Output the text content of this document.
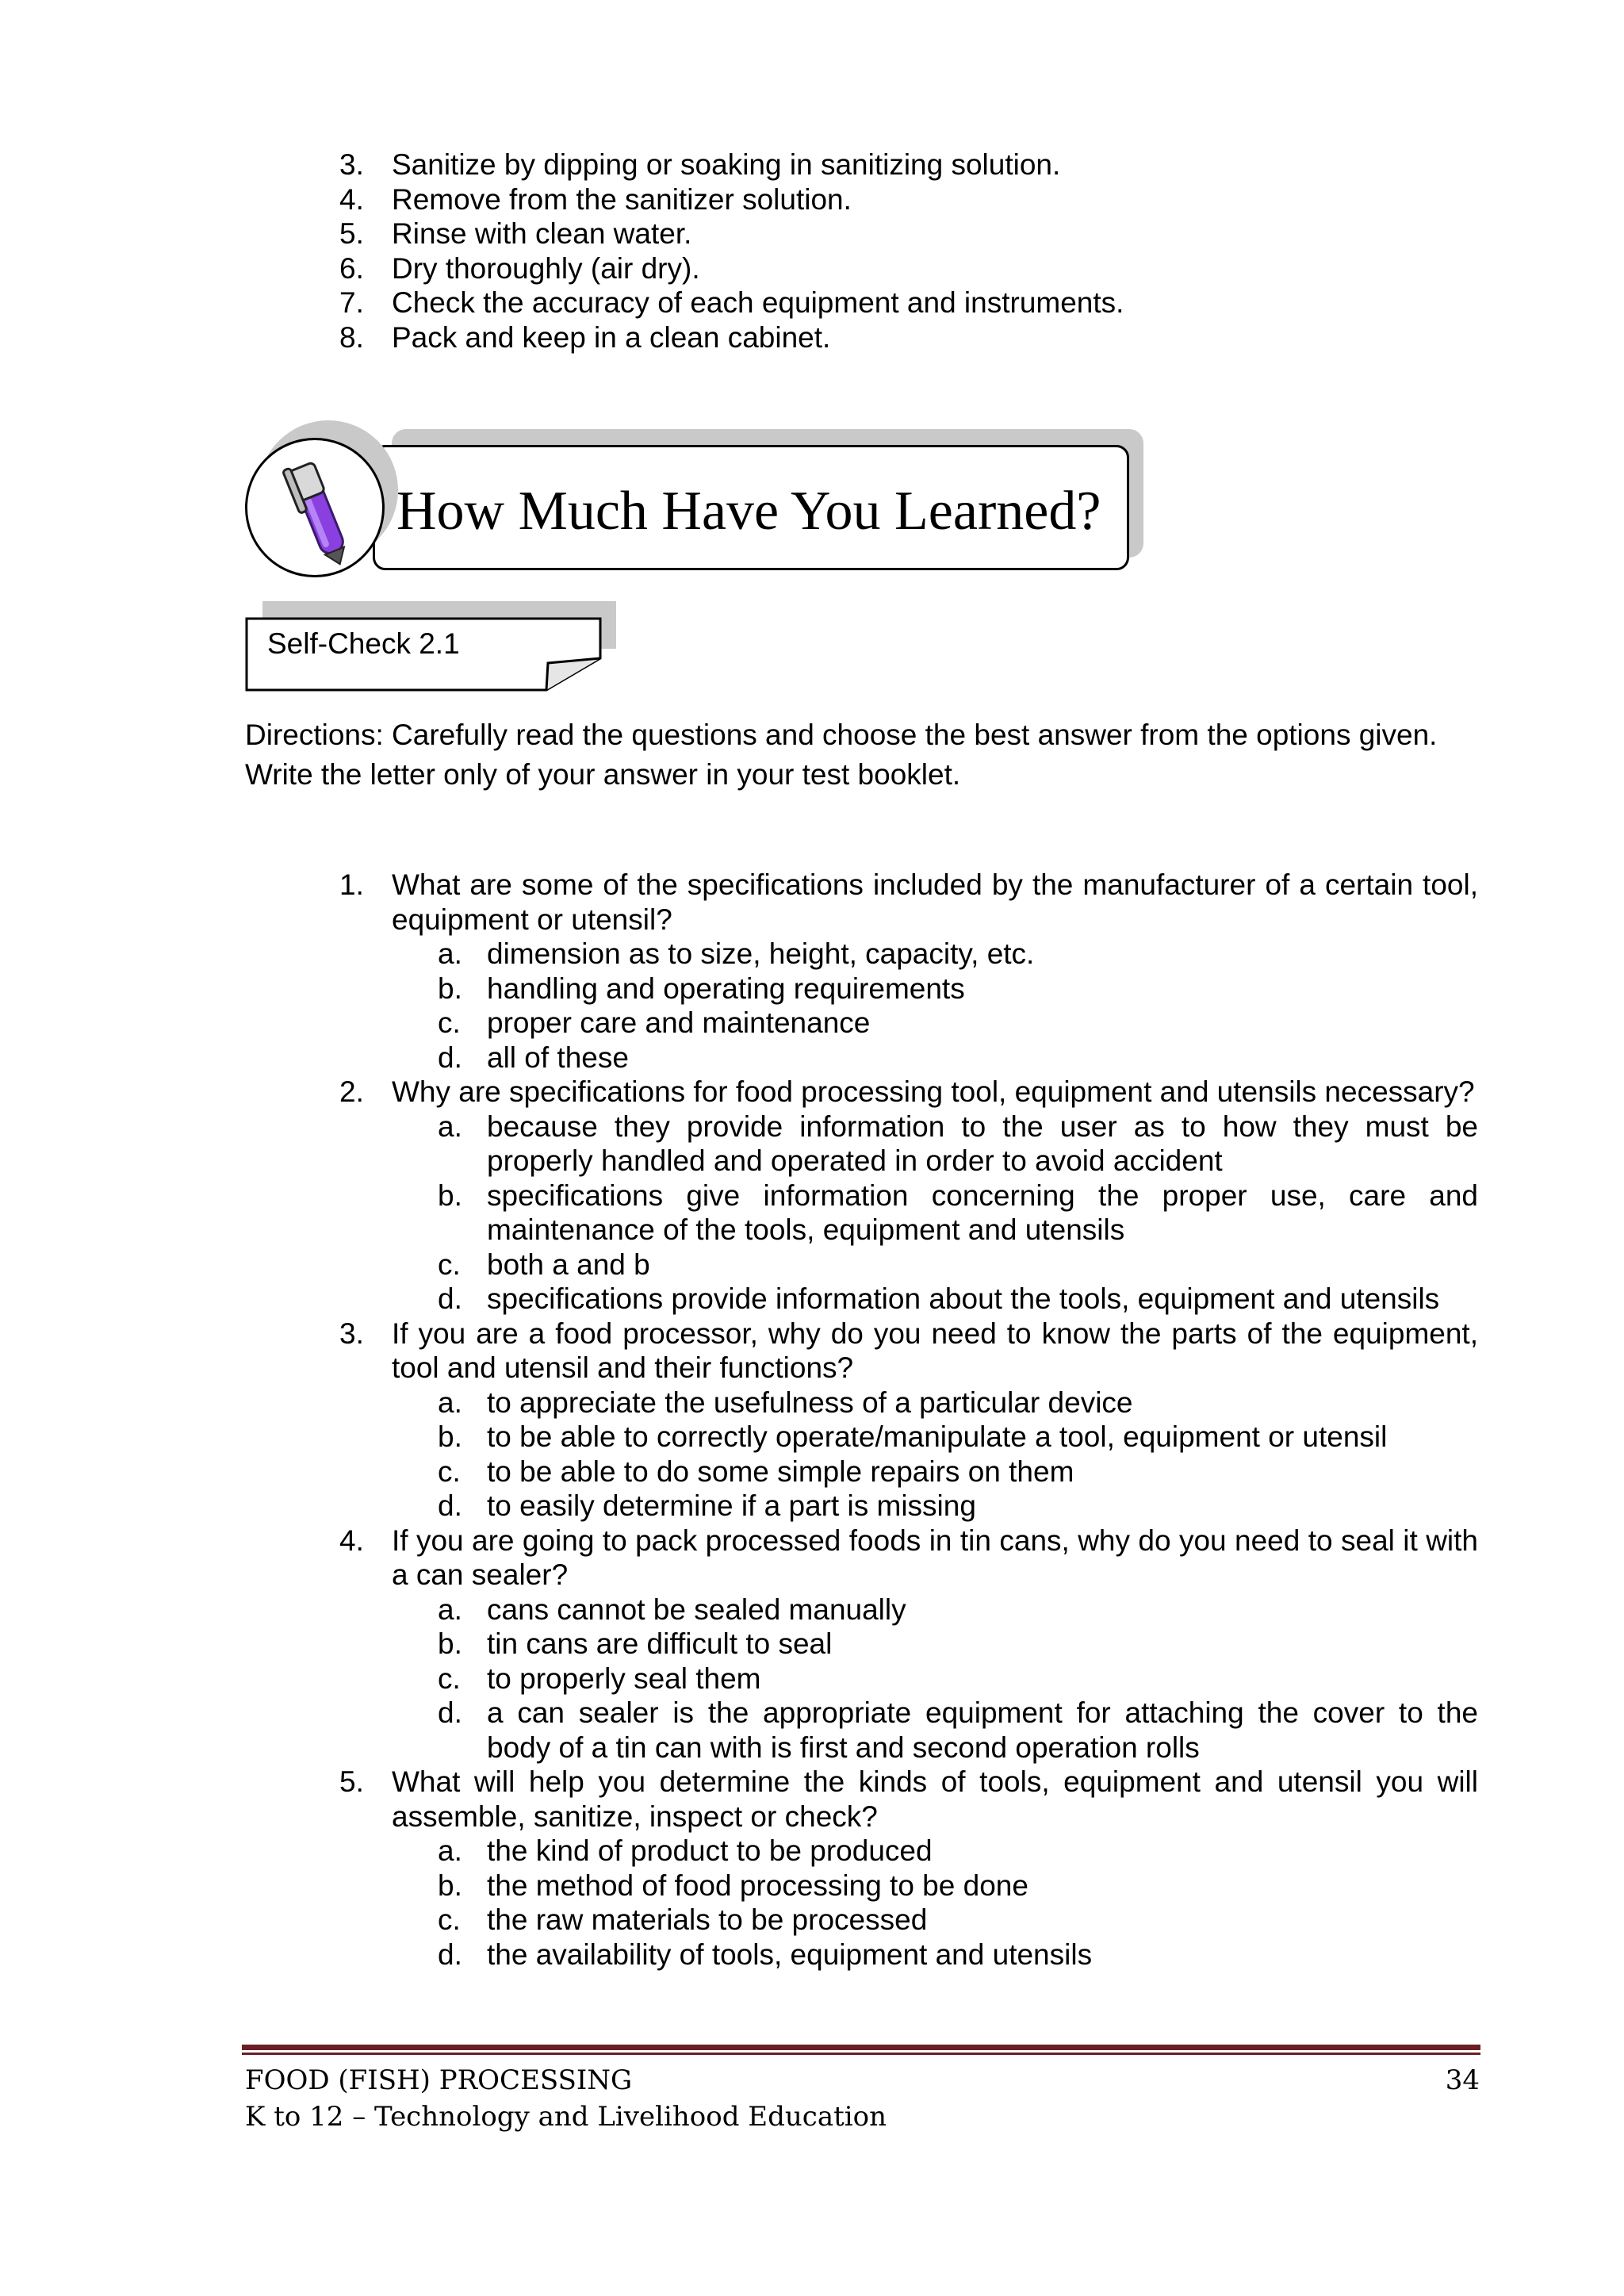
3. Sanitize by dipping or soaking in sanitizing solution.
4. Remove from the sanitizer solution.
5. Rinse with clean water.
6. Dry thoroughly (air dry).
7. Check the accuracy of each equipment and instruments.
8. Pack and keep in a clean cabinet.
How Much Have You Learned?
Self-Check 2.1
Directions: Carefully read the questions and choose the best answer from the options given. Write the letter only of your answer in your test booklet.
1. What are some of the specifications included by the manufacturer of a certain tool, equipment or utensil?
a. dimension as to size, height, capacity, etc.
b. handling and operating requirements
c. proper care and maintenance
d. all of these
2. Why are specifications for food processing tool, equipment and utensils necessary?
a. because they provide information to the user as to how they must be properly handled and operated in order to avoid accident
b. specifications give information concerning the proper use, care and maintenance of the tools, equipment and utensils
c. both a and b
d. specifications provide information about the tools, equipment and utensils
3. If you are a food processor, why do you need to know the parts of the equipment, tool and utensil and their functions?
a. to appreciate the usefulness of a particular device
b. to be able to correctly operate/manipulate a tool, equipment or utensil
c. to be able to do some simple repairs on them
d. to easily determine if a part is missing
4. If you are going to pack processed foods in tin cans, why do you need to seal it with a can sealer?
a. cans cannot be sealed manually
b. tin cans are difficult to seal
c. to properly seal them
d. a can sealer is the appropriate equipment for attaching the cover to the body of a tin can with is first and second operation rolls
5. What will help you determine the kinds of tools, equipment and utensil you will assemble, sanitize, inspect or check?
a. the kind of product to be produced
b. the method of food processing to be done
c. the raw materials to be processed
d. the availability of tools, equipment and utensils
FOOD (FISH) PROCESSING
K to 12 – Technology and Livelihood Education
34
